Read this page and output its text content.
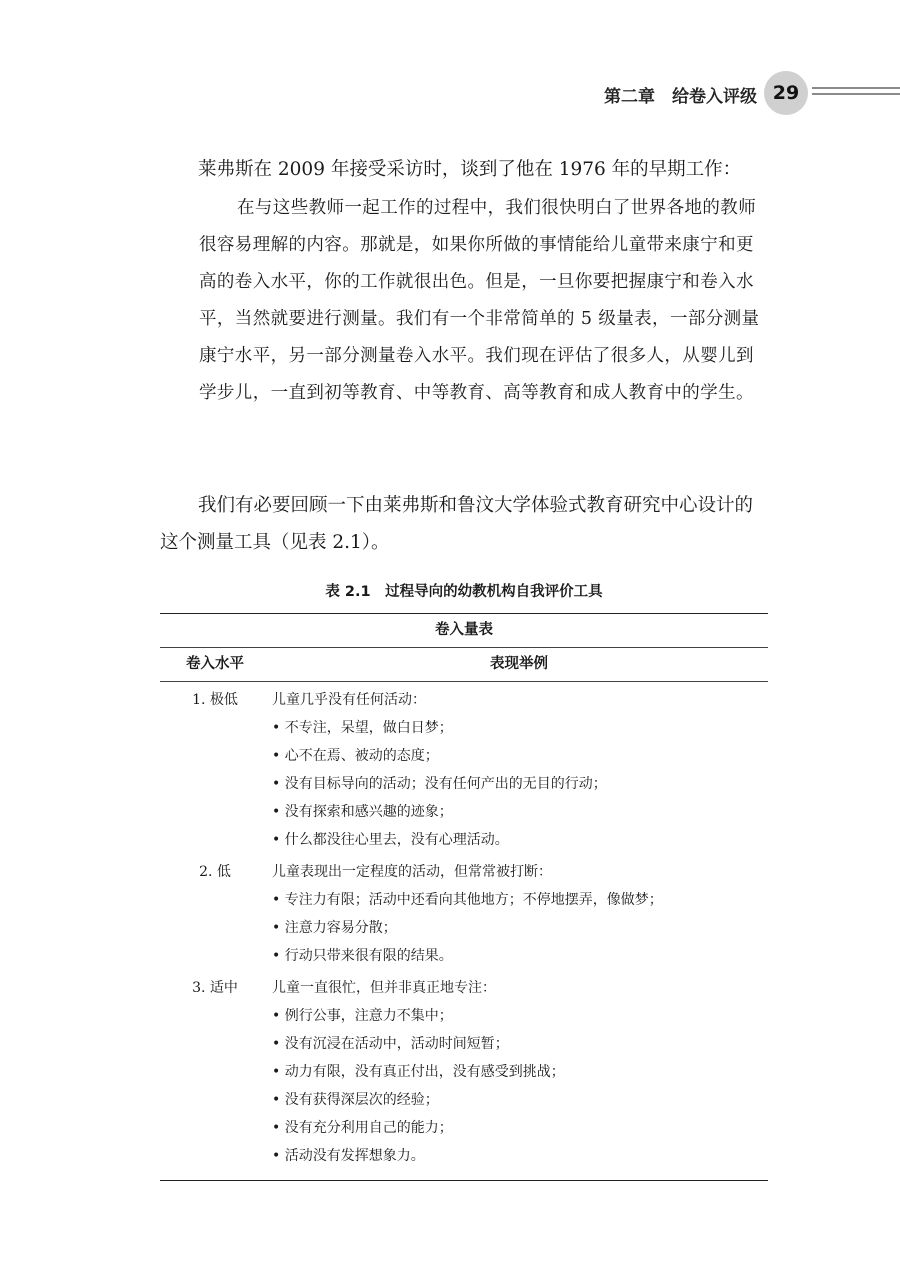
第二章　给卷入评级 29

莱弗斯在 2009 年接受采访时，谈到了他在 1976 年的早期工作：

在与这些教师一起工作的过程中，我们很快明白了世界各地的教师很容易理解的内容。那就是，如果你所做的事情能给儿童带来康宁和更高的卷入水平，你的工作就很出色。但是，一旦你要把握康宁和卷入水平，当然就要进行测量。我们有一个非常简单的 5 级量表，一部分测量康宁水平，另一部分测量卷入水平。我们现在评估了很多人，从婴儿到学步儿，一直到初等教育、中等教育、高等教育和成人教育中的学生。

我们有必要回顾一下由莱弗斯和鲁汶大学体验式教育研究中心设计的这个测量工具（见表 2.1）。

表 2.1　过程导向的幼教机构自我评价工具
卷入量表
卷入水平	表现举例
1. 极低	儿童几乎没有任何活动：
• 不专注，呆望，做白日梦；
• 心不在焉、被动的态度；
• 没有目标导向的活动；没有任何产出的无目的行动；
• 没有探索和感兴趣的迹象；
• 什么都没往心里去，没有心理活动。
2. 低	儿童表现出一定程度的活动，但常常被打断：
• 专注力有限；活动中还看向其他地方；不停地摆弄，像做梦；
• 注意力容易分散；
• 行动只带来很有限的结果。
3. 适中	儿童一直很忙，但并非真正地专注：
• 例行公事，注意力不集中；
• 没有沉浸在活动中，活动时间短暂；
• 动力有限，没有真正付出，没有感受到挑战；
• 没有获得深层次的经验；
• 没有充分利用自己的能力；
• 活动没有发挥想象力。
